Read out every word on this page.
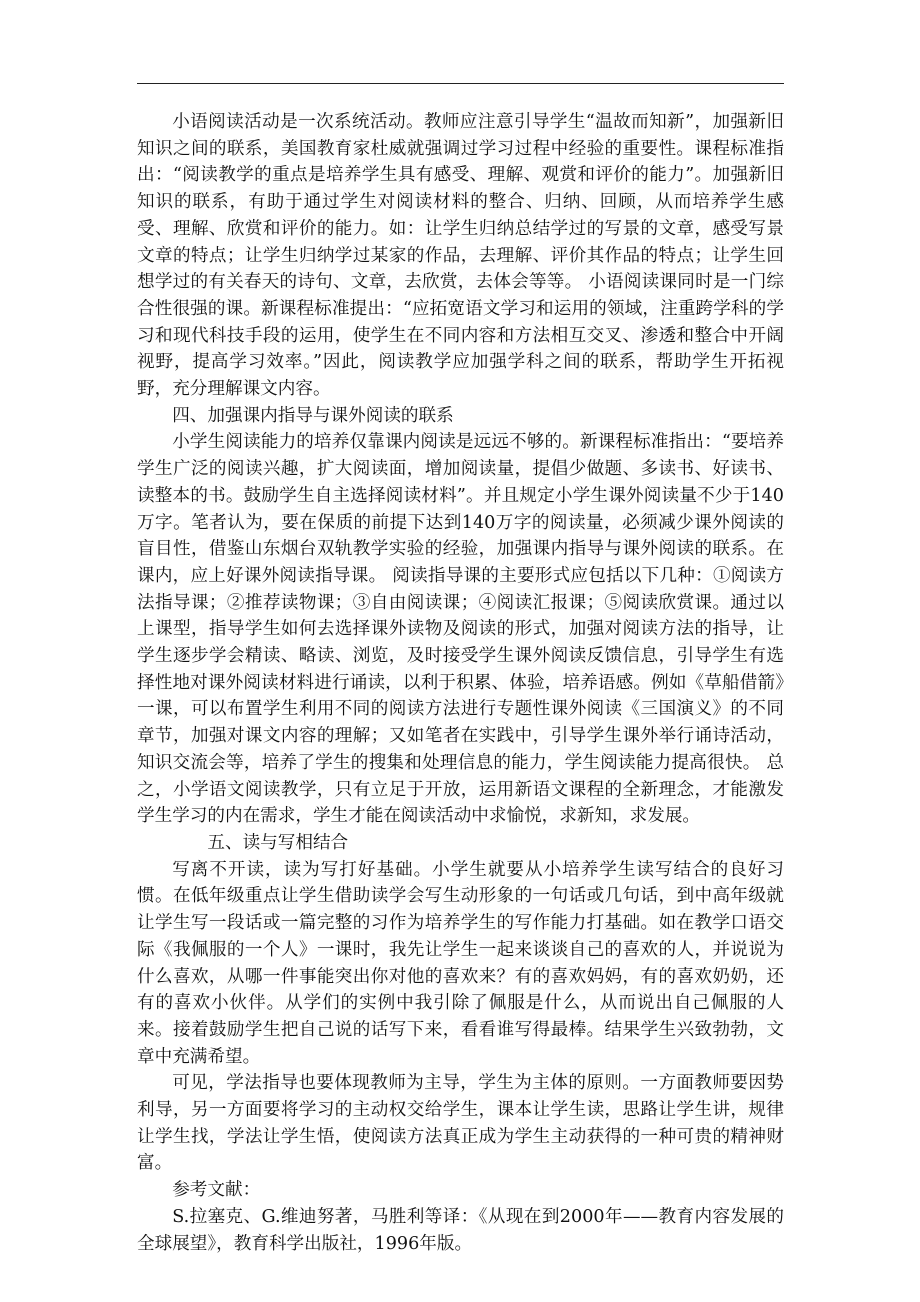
小语阅读活动是一次系统活动。教师应注意引导学生“温故而知新”，加强新旧知识之间的联系，美国教育家杜威就强调过学习过程中经验的重要性。课程标准指出：“阅读教学的重点是培养学生具有感受、理解、观赏和评价的能力”。加强新旧知识的联系，有助于通过学生对阅读材料的整合、归纳、回顾，从而培养学生感受、理解、欣赏和评价的能力。如：让学生归纳总结学过的写景的文章，感受写景文章的特点；让学生归纳学过某家的作品，去理解、评价其作品的特点；让学生回想学过的有关春天的诗句、文章，去欣赏，去体会等等。 小语阅读课同时是一门综合性很强的课。新课程标准提出：“应拓宽语文学习和运用的领域，注重跨学科的学习和现代科技手段的运用，使学生在不同内容和方法相互交叉、渗透和整合中开阔视野，提高学习效率。”因此，阅读教学应加强学科之间的联系，帮助学生开拓视野，充分理解课文内容。

四、加强课内指导与课外阅读的联系

小学生阅读能力的培养仅靠课内阅读是远远不够的。新课程标准指出：“要培养学生广泛的阅读兴趣，扩大阅读面，增加阅读量，提倡少做题、多读书、好读书、读整本的书。鼓励学生自主选择阅读材料”。并且规定小学生课外阅读量不少于140万字。笔者认为，要在保质的前提下达到140万字的阅读量，必须减少课外阅读的盲目性，借鉴山东烟台双轨教学实验的经验，加强课内指导与课外阅读的联系。在课内，应上好课外阅读指导课。 阅读指导课的主要形式应包括以下几种：①阅读方法指导课；②推荐读物课；③自由阅读课；④阅读汇报课；⑤阅读欣赏课。通过以上课型，指导学生如何去选择课外读物及阅读的形式，加强对阅读方法的指导，让学生逐步学会精读、略读、浏览，及时接受学生课外阅读反馈信息，引导学生有选择性地对课外阅读材料进行诵读，以利于积累、体验，培养语感。例如《草船借箭》一课，可以布置学生利用不同的阅读方法进行专题性课外阅读《三国演义》的不同章节，加强对课文内容的理解；又如笔者在实践中，引导学生课外举行诵诗活动，知识交流会等，培养了学生的搜集和处理信息的能力，学生阅读能力提高很快。 总之，小学语文阅读教学，只有立足于开放，运用新语文课程的全新理念，才能激发学生学习的内在需求，学生才能在阅读活动中求愉悦，求新知，求发展。

五、读与写相结合

写离不开读，读为写打好基础。小学生就要从小培养学生读写结合的良好习惯。在低年级重点让学生借助读学会写生动形象的一句话或几句话，到中高年级就让学生写一段话或一篇完整的习作为培养学生的写作能力打基础。如在教学口语交际《我佩服的一个人》一课时，我先让学生一起来谈谈自己的喜欢的人，并说说为什么喜欢，从哪一件事能突出你对他的喜欢来？有的喜欢妈妈，有的喜欢奶奶，还有的喜欢小伙伴。从学们的实例中我引除了佩服是什么，从而说出自己佩服的人来。接着鼓励学生把自己说的话写下来，看看谁写得最棒。结果学生兴致勃勃，文章中充满希望。

可见，学法指导也要体现教师为主导，学生为主体的原则。一方面教师要因势利导，另一方面要将学习的主动权交给学生，课本让学生读，思路让学生讲，规律让学生找，学法让学生悟，使阅读方法真正成为学生主动获得的一种可贵的精神财富。

参考文献：

S.拉塞克、G.维迪努著，马胜利等译：《从现在到2000年——教育内容发展的全球展望》，教育科学出版社，1996年版。
